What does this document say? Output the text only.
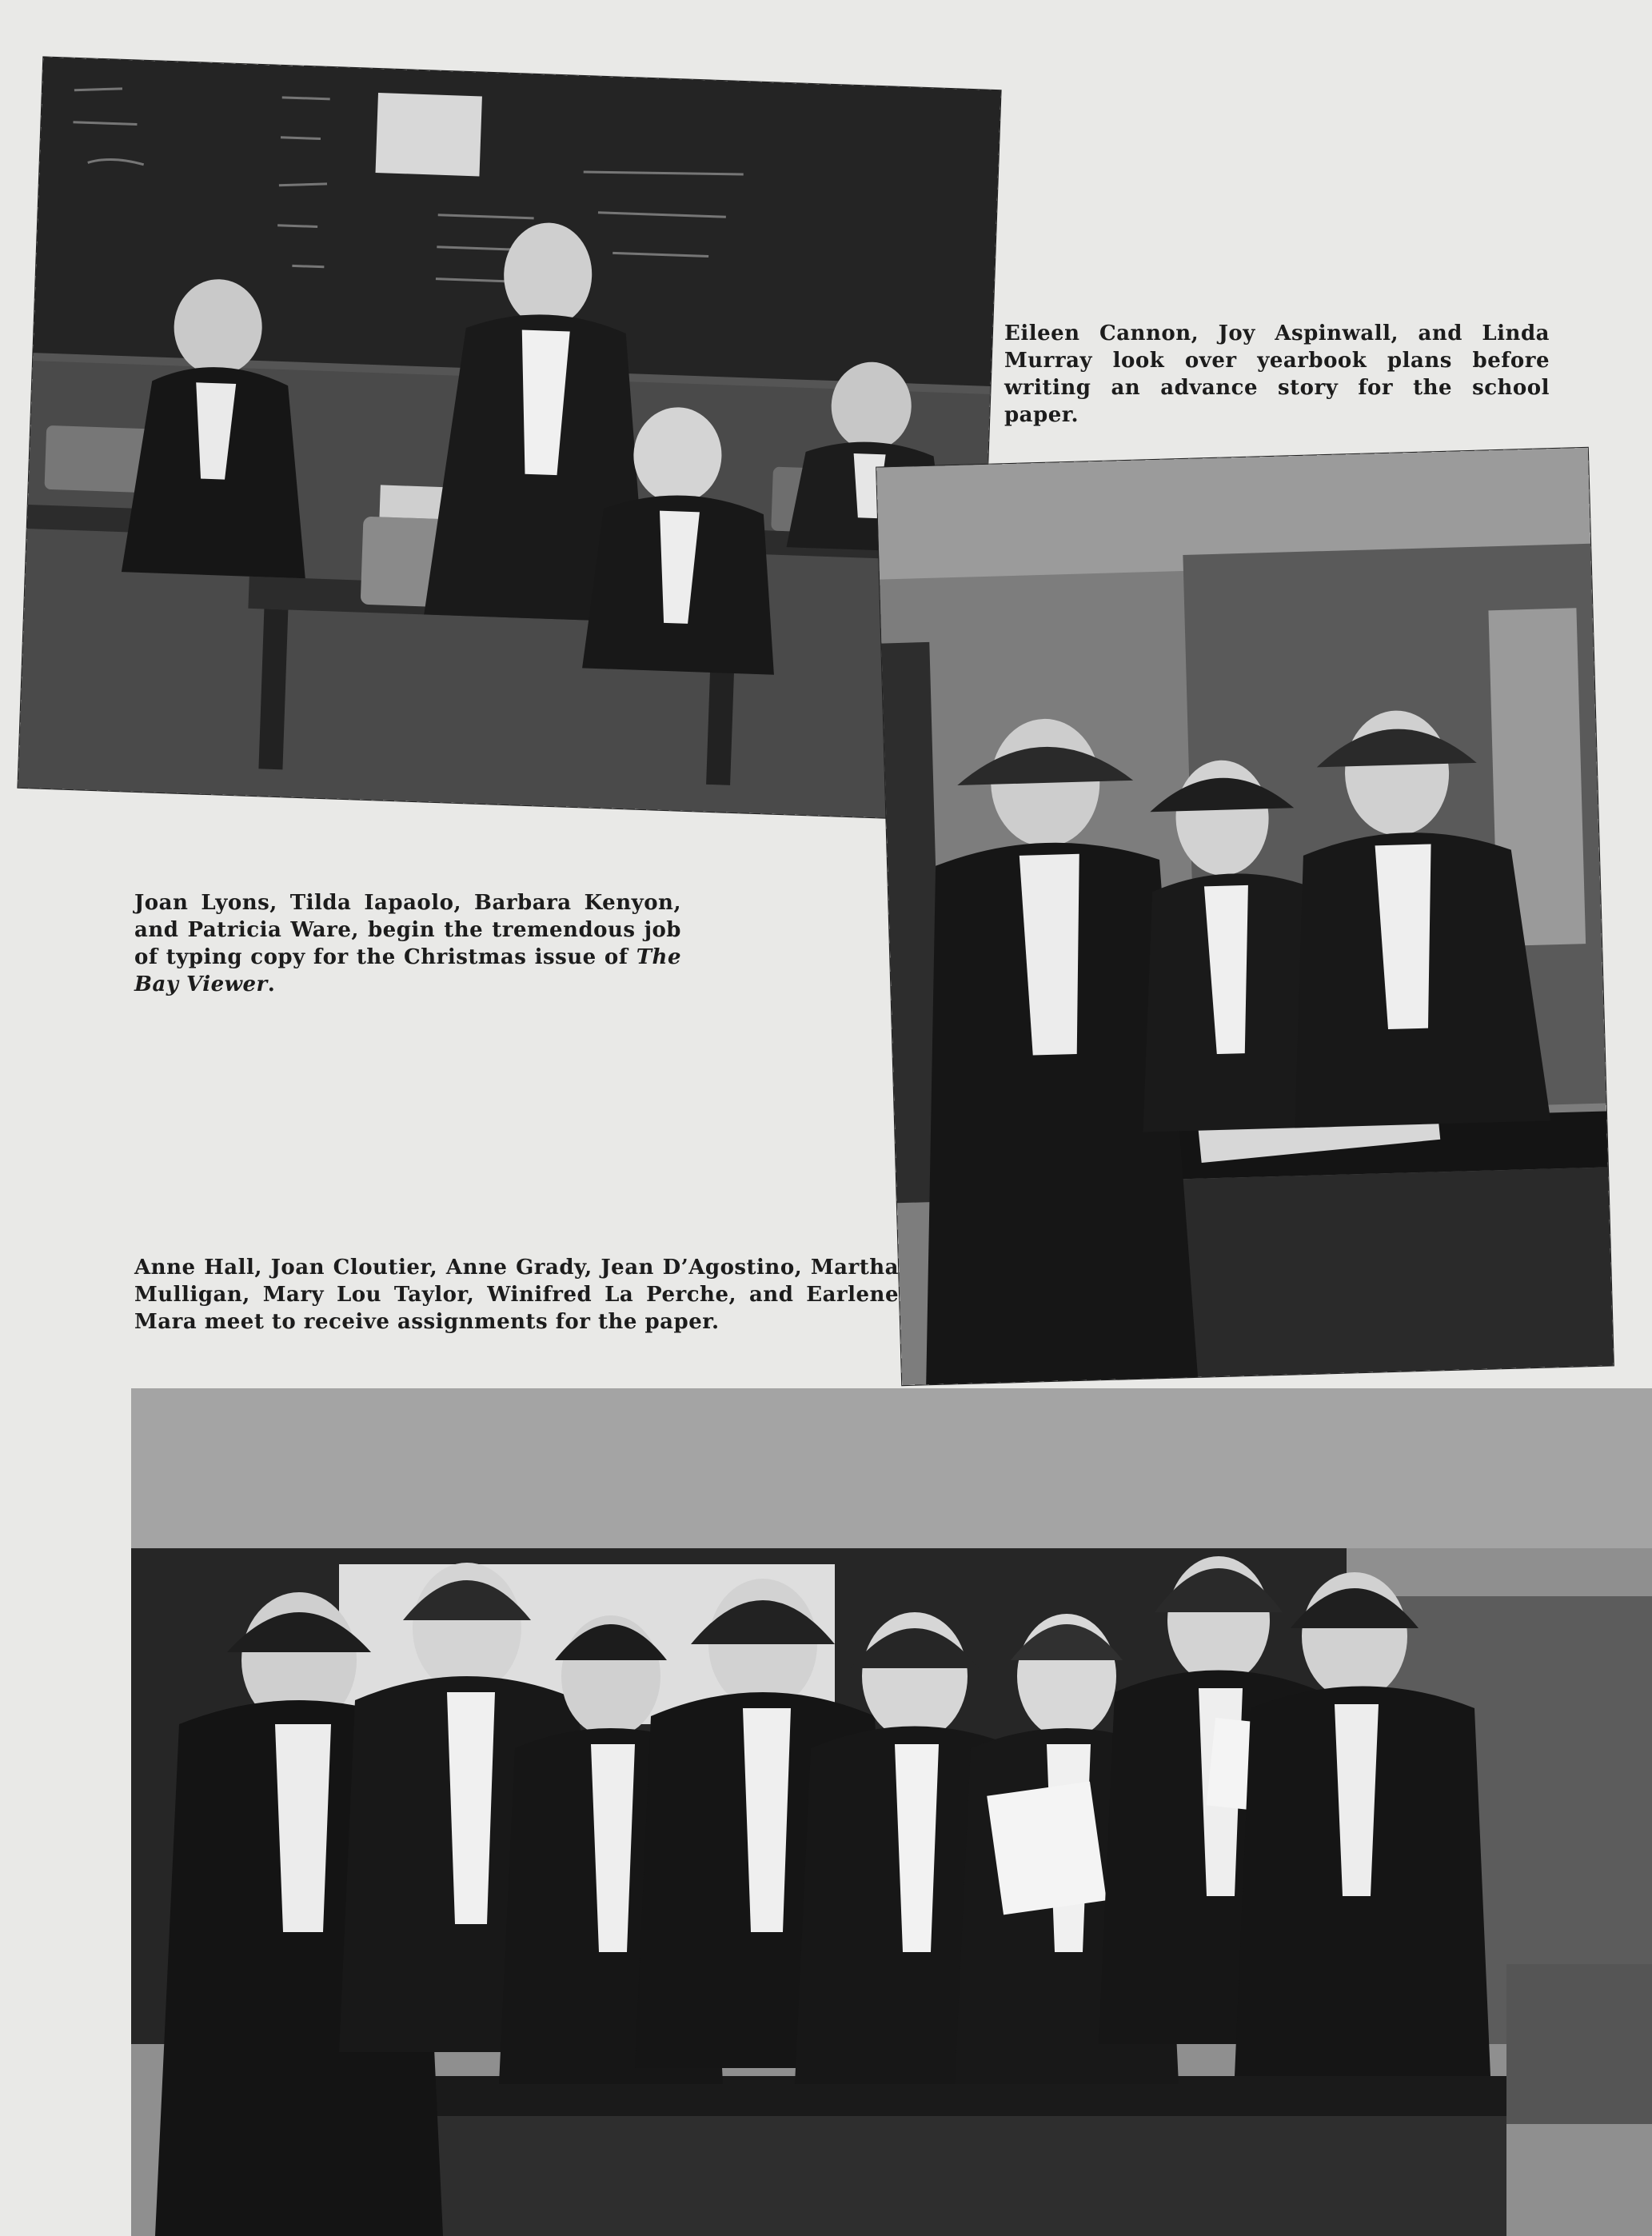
Eileen Cannon, Joy Aspinwall, and Linda Murray look over yearbook plans before writing an advance story for the school paper.
Joan Lyons, Tilda Iapaolo, Barbara Kenyon, and Patricia Ware, begin the tremendous job of typing copy for the Christmas issue of The Bay Viewer.
Anne Hall, Joan Cloutier, Anne Grady, Jean D’Agostino, Martha Mulligan, Mary Lou Taylor, Winifred La Perche, and Earlene Mara meet to receive assignments for the paper.
